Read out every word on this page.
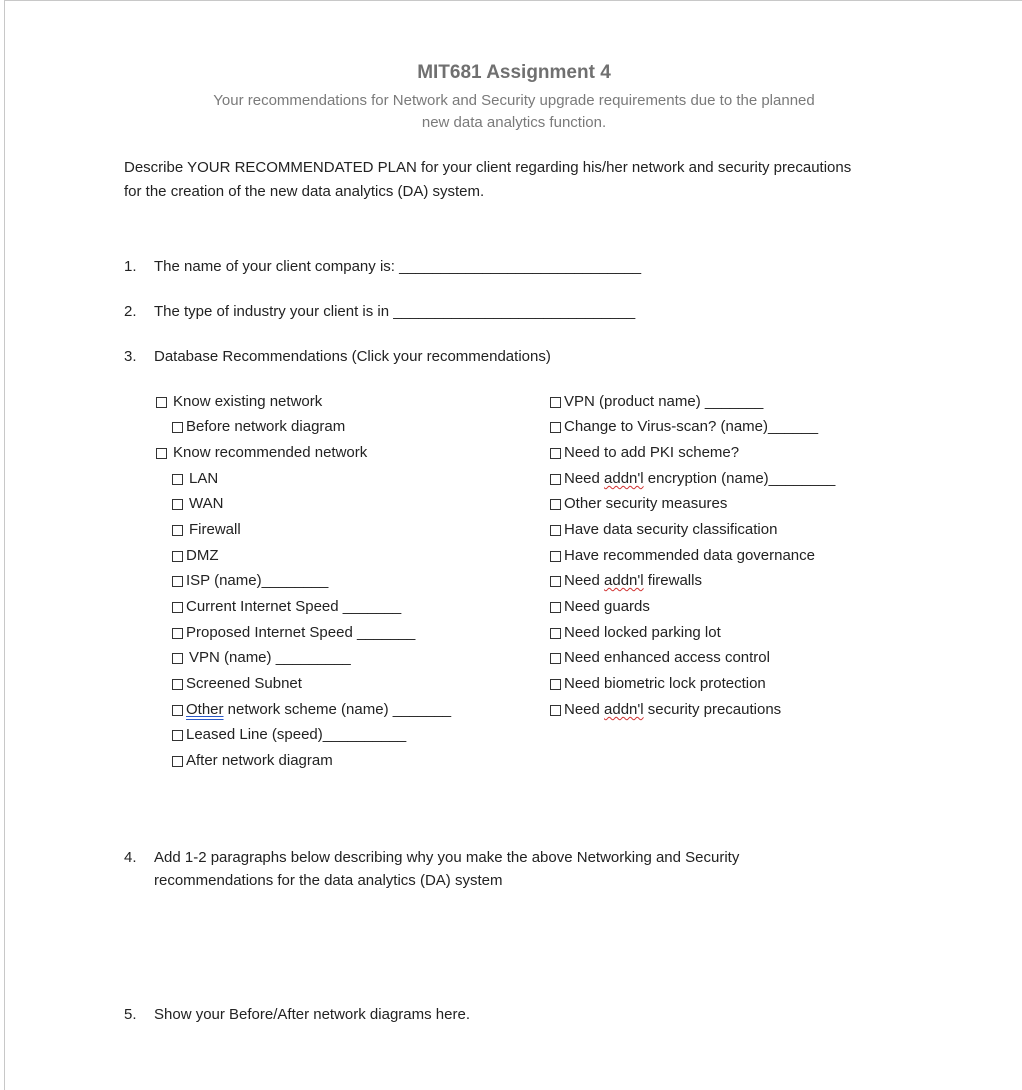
MIT681 Assignment 4
Your recommendations for Network and Security upgrade requirements due to the planned new data analytics function.
Describe YOUR RECOMMENDATED PLAN for your client regarding his/her network and security precautions for the creation of the new data analytics (DA) system.
1. The name of your client company is: _____________________________
2. The type of industry your client is in _____________________________
3. Database Recommendations (Click your recommendations)
Know existing network
Before network diagram
Know recommended network
LAN
WAN
Firewall
DMZ
ISP (name)________
Current Internet Speed _______
Proposed Internet Speed _______
VPN (name) _________
Screened Subnet
Other network scheme (name) _______
Leased Line (speed)__________
After network diagram
VPN (product name) _______
Change to Virus-scan? (name)______
Need to add PKI scheme?
Need addn'l encryption (name)________
Other security measures
Have data security classification
Have recommended data governance
Need addn'l firewalls
Need guards
Need locked parking lot
Need enhanced access control
Need biometric lock protection
Need addn'l security precautions
4. Add 1-2 paragraphs below describing why you make the above Networking and Security recommendations for the data analytics (DA) system
5. Show your Before/After network diagrams here.
